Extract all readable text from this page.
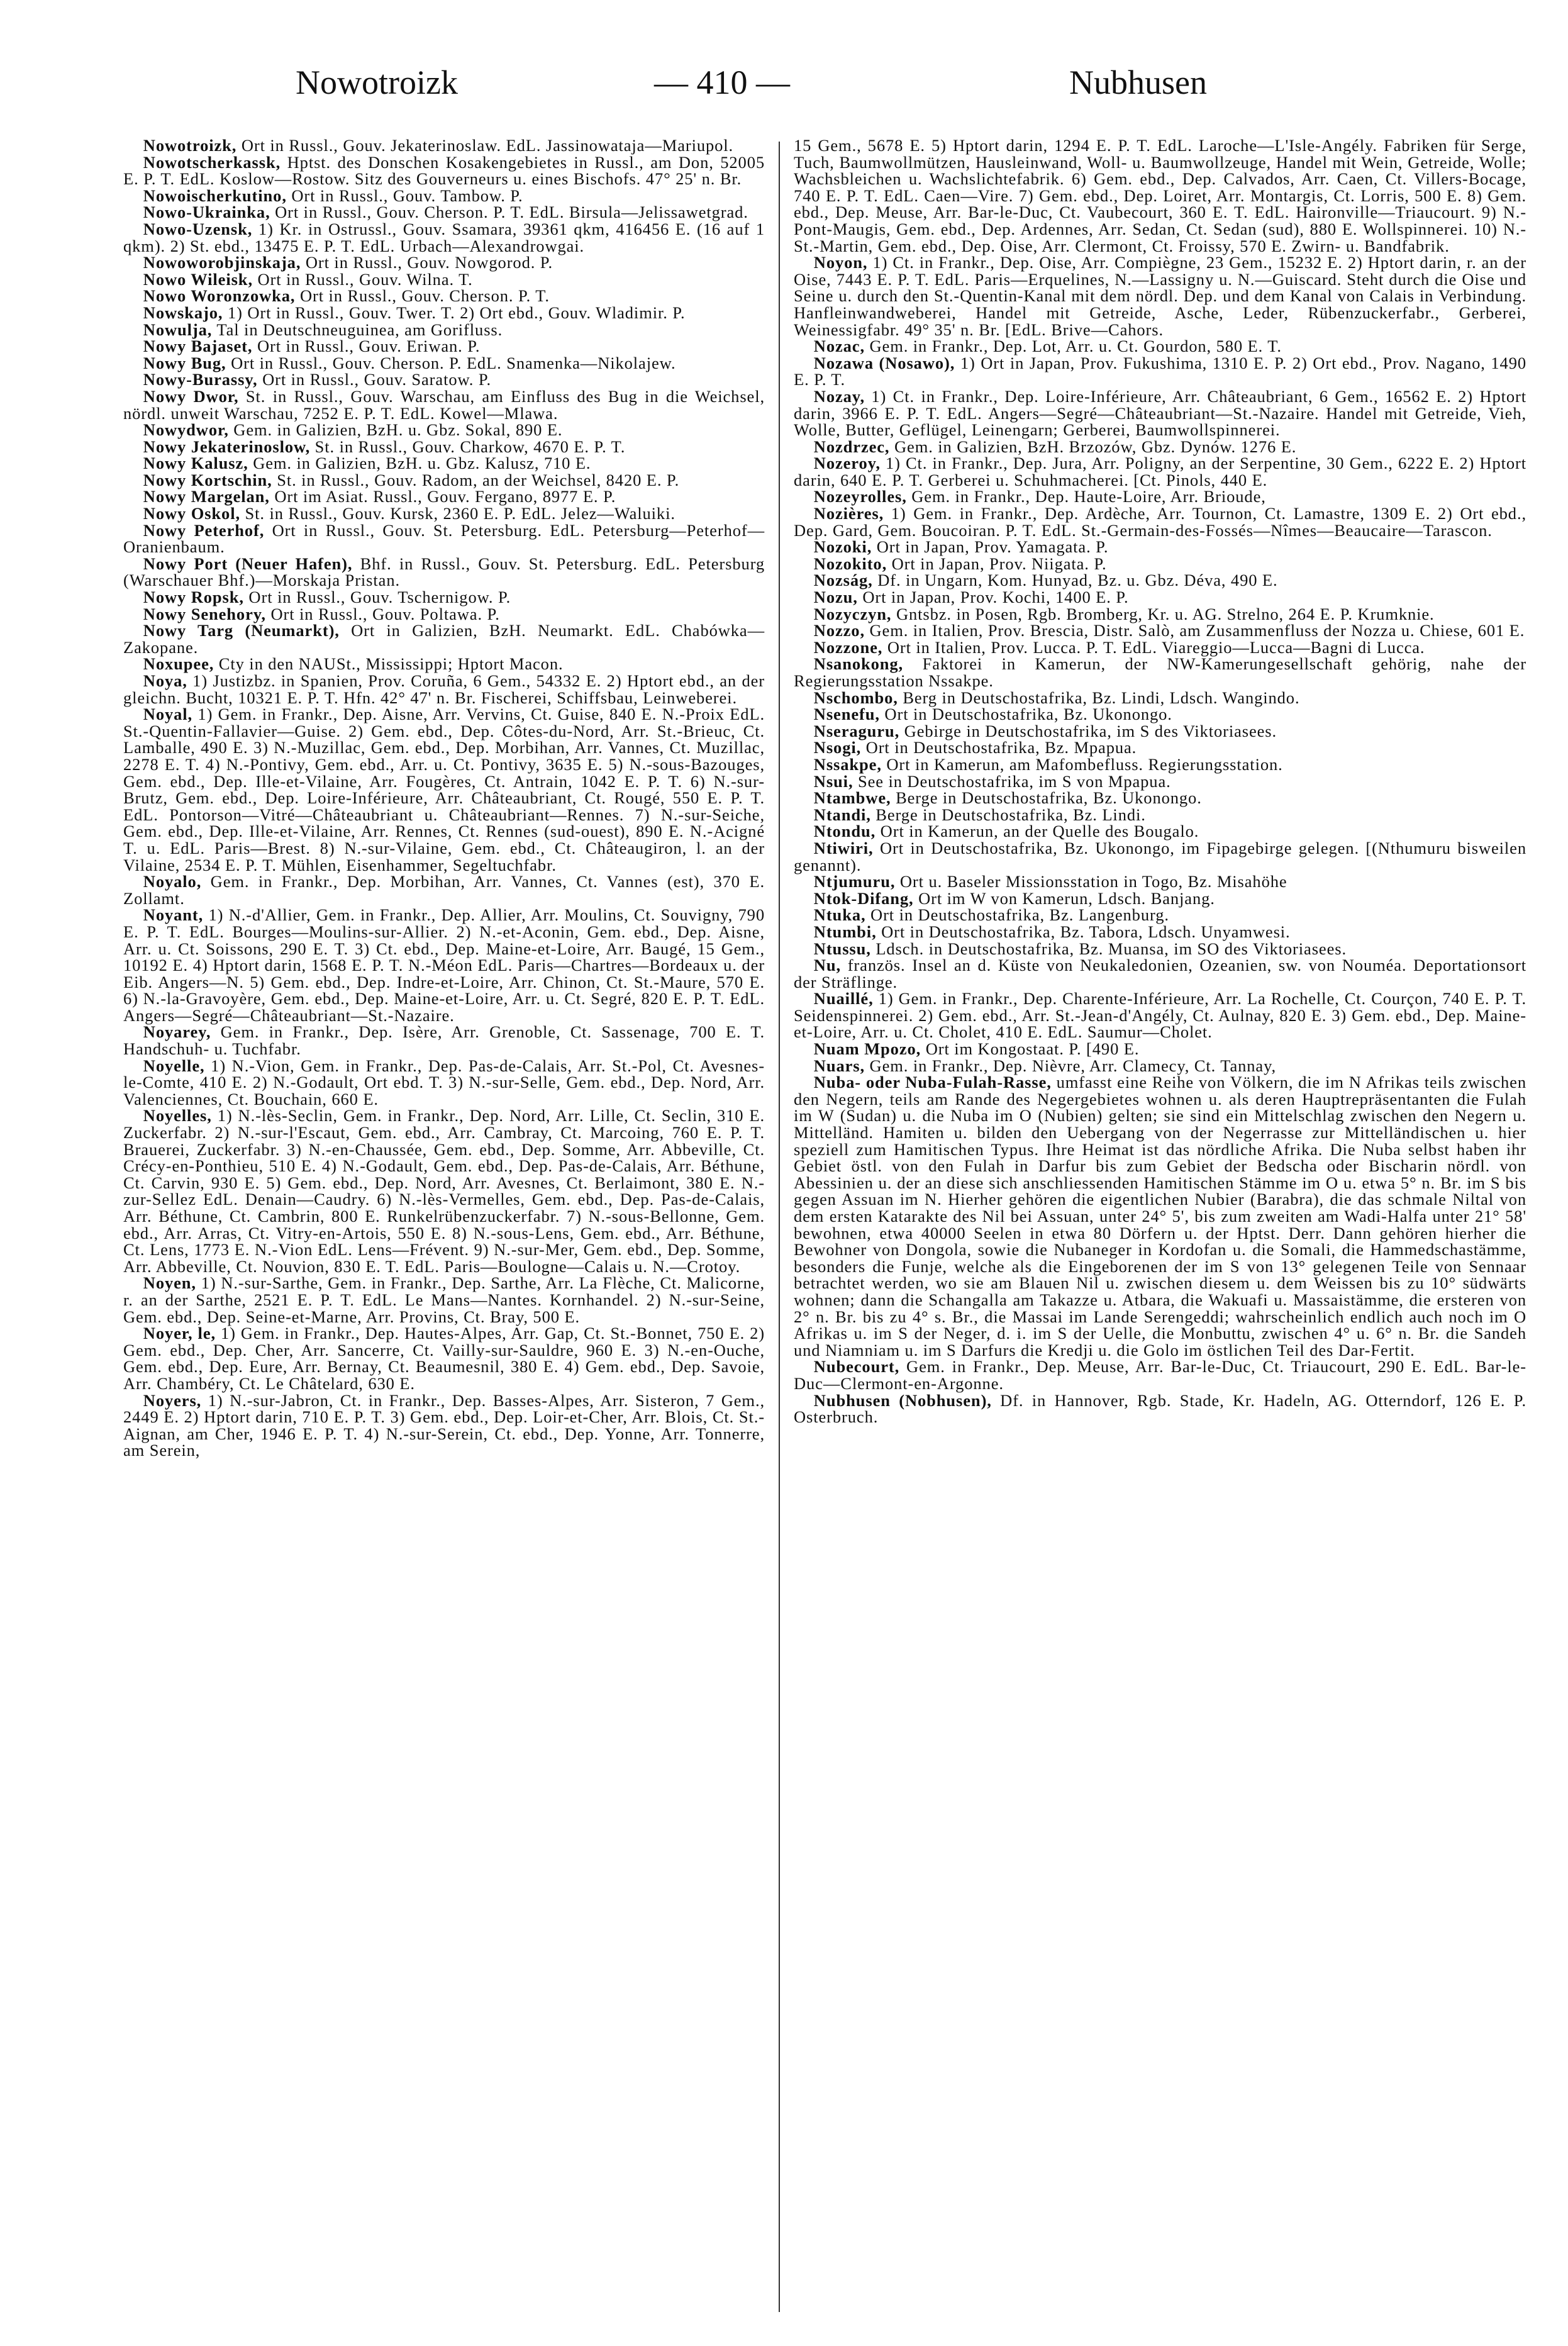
Nowotroizk	— 410 —	Nubhusen

Nowotroizk, Ort in Russl., Gouv. Jekaterinoslaw. EdL. Jassinowataja—Mariupol.

Nowotscherkassk, Hptst. des Donschen Kosakengebietes in Russl., am Don, 52005 E. P. T. EdL. Koslow—Rostow. Sitz des Gouverneurs u. eines Bischofs. 47° 25' n. Br.

Nowoischerkutino, Ort in Russl., Gouv. Tambow. P.

Nowo-Ukrainka, Ort in Russl., Gouv. Cherson. P. T. EdL. Birsula—Jelissawetgrad.

Nowo-Uzensk, 1) Kr. in Ostrussl., Gouv. Ssamara, 39361 qkm, 416456 E. (16 auf 1 qkm). 2) St. ebd., 13475 E. P. T. EdL. Urbach—Alexandrowgai.

Nowoworobjinskaja, Ort in Russl., Gouv. Nowgorod. P.

Nowo Wileisk, Ort in Russl., Gouv. Wilna. T.

Nowo Woronzowka, Ort in Russl., Gouv. Cherson. P. T.

Nowskajo, 1) Ort in Russl., Gouv. Twer. T. 2) Ort ebd., Gouv. Wladimir. P.

Nowulja, Tal in Deutschneuguinea, am Gorifluss.

Nowy Bajaset, Ort in Russl., Gouv. Eriwan. P.

Nowy Bug, Ort in Russl., Gouv. Cherson. P. EdL. Snamenka—Nikolajew.

Nowy-Burassy, Ort in Russl., Gouv. Saratow. P.

Nowy Dwor, St. in Russl., Gouv. Warschau, am Einfluss des Bug in die Weichsel, nördl. unweit Warschau, 7252 E. P. T. EdL. Kowel—Mlawa.

Nowydwor, Gem. in Galizien, BzH. u. Gbz. Sokal, 890 E.

Nowy Jekaterinoslow, St. in Russl., Gouv. Charkow, 4670 E. P. T.

Nowy Kalusz, Gem. in Galizien, BzH. u. Gbz. Kalusz, 710 E.

Nowy Kortschin, St. in Russl., Gouv. Radom, an der Weichsel, 8420 E. P.

Nowy Margelan, Ort im Asiat. Russl., Gouv. Fergano, 8977 E. P.

Nowy Oskol, St. in Russl., Gouv. Kursk, 2360 E. P. EdL. Jelez—Waluiki.

Nowy Peterhof, Ort in Russl., Gouv. St. Petersburg. EdL. Petersburg—Peterhof—Oranienbaum.

Nowy Port (Neuer Hafen), Bhf. in Russl., Gouv. St. Petersburg. EdL. Petersburg (Warschauer Bhf.)—Morskaja Pristan.

Nowy Ropsk, Ort in Russl., Gouv. Tschernigow. P.

Nowy Senehory, Ort in Russl., Gouv. Poltawa. P.

Nowy Targ (Neumarkt), Ort in Galizien, BzH. Neumarkt. EdL. Chabówka—Zakopane.

Noxupee, Cty in den NAUSt., Mississippi; Hptort Macon.

Noya, 1) Justizbz. in Spanien, Prov. Coruña, 6 Gem., 54332 E. 2) Hptort ebd., an der gleichn. Bucht, 10321 E. P. T. Hfn. 42° 47' n. Br. Fischerei, Schiffsbau, Leinweberei.

Noyal, 1) Gem. in Frankr., Dep. Aisne, Arr. Vervins, Ct. Guise, 840 E. N.-Proix EdL. St.-Quentin-Fallavier—Guise. 2) Gem. ebd., Dep. Côtes-du-Nord, Arr. St.-Brieuc, Ct. Lamballe, 490 E. 3) N.-Muzillac, Gem. ebd., Dep. Morbihan, Arr. Vannes, Ct. Muzillac, 2278 E. T. 4) N.-Pontivy, Gem. ebd., Arr. u. Ct. Pontivy, 3635 E. 5) N.-sous-Bazouges, Gem. ebd., Dep. Ille-et-Vilaine, Arr. Fougères, Ct. Antrain, 1042 E. P. T. 6) N.-sur-Brutz, Gem. ebd., Dep. Loire-Inférieure, Arr. Châteaubriant, Ct. Rougé, 550 E. P. T. EdL. Pontorson—Vitré—Châteaubriant u. Châteaubriant—Rennes. 7) N.-sur-Seiche, Gem. ebd., Dep. Ille-et-Vilaine, Arr. Rennes, Ct. Rennes (sud-ouest), 890 E. N.-Acigné T. u. EdL. Paris—Brest. 8) N.-sur-Vilaine, Gem. ebd., Ct. Châteaugiron, l. an der Vilaine, 2534 E. P. T. Mühlen, Eisenhammer, Segeltuchfabr.

Noyalo, Gem. in Frankr., Dep. Morbihan, Arr. Vannes, Ct. Vannes (est), 370 E. Zollamt.

Noyant, 1) N.-d'Allier, Gem. in Frankr., Dep. Allier, Arr. Moulins, Ct. Souvigny, 790 E. P. T. EdL. Bourges—Moulins-sur-Allier. 2) N.-et-Aconin, Gem. ebd., Dep. Aisne, Arr. u. Ct. Soissons, 290 E. T. 3) Ct. ebd., Dep. Maine-et-Loire, Arr. Baugé, 15 Gem., 10192 E. 4) Hptort darin, 1568 E. P. T. N.-Méon EdL. Paris—Chartres—Bordeaux u. der Eib. Angers—N. 5) Gem. ebd., Dep. Indre-et-Loire, Arr. Chinon, Ct. St.-Maure, 570 E. 6) N.-la-Gravoyère, Gem. ebd., Dep. Maine-et-Loire, Arr. u. Ct. Segré, 820 E. P. T. EdL. Angers—Segré—Châteaubriant—St.-Nazaire.

Noyarey, Gem. in Frankr., Dep. Isère, Arr. Grenoble, Ct. Sassenage, 700 E. T. Handschuh- u. Tuchfabr.

Noyelle, 1) N.-Vion, Gem. in Frankr., Dep. Pas-de-Calais, Arr. St.-Pol, Ct. Avesnes-le-Comte, 410 E. 2) N.-Godault, Ort ebd. T. 3) N.-sur-Selle, Gem. ebd., Dep. Nord, Arr. Valenciennes, Ct. Bouchain, 660 E.

Noyelles, 1) N.-lès-Seclin, Gem. in Frankr., Dep. Nord, Arr. Lille, Ct. Seclin, 310 E. Zuckerfabr. 2) N.-sur-l'Escaut, Gem. ebd., Arr. Cambray, Ct. Marcoing, 760 E. P. T. Brauerei, Zuckerfabr. 3) N.-en-Chaussée, Gem. ebd., Dep. Somme, Arr. Abbeville, Ct. Crécy-en-Ponthieu, 510 E. 4) N.-Godault, Gem. ebd., Dep. Pas-de-Calais, Arr. Béthune, Ct. Carvin, 930 E. 5) Gem. ebd., Dep. Nord, Arr. Avesnes, Ct. Berlaimont, 380 E. N.-zur-Sellez EdL. Denain—Caudry. 6) N.-lès-Vermelles, Gem. ebd., Dep. Pas-de-Calais, Arr. Béthune, Ct. Cambrin, 800 E. Runkelrübenzuckerfabr. 7) N.-sous-Bellonne, Gem. ebd., Arr. Arras, Ct. Vitry-en-Artois, 550 E. 8) N.-sous-Lens, Gem. ebd., Arr. Béthune, Ct. Lens, 1773 E. N.-Vion EdL. Lens—Frévent. 9) N.-sur-Mer, Gem. ebd., Dep. Somme, Arr. Abbeville, Ct. Nouvion, 830 E. T. EdL. Paris—Boulogne—Calais u. N.—Crotoy.

Noyen, 1) N.-sur-Sarthe, Gem. in Frankr., Dep. Sarthe, Arr. La Flèche, Ct. Malicorne, r. an der Sarthe, 2521 E. P. T. EdL. Le Mans—Nantes. Kornhandel. 2) N.-sur-Seine, Gem. ebd., Dep. Seine-et-Marne, Arr. Provins, Ct. Bray, 500 E.

Noyer, le, 1) Gem. in Frankr., Dep. Hautes-Alpes, Arr. Gap, Ct. St.-Bonnet, 750 E. 2) Gem. ebd., Dep. Cher, Arr. Sancerre, Ct. Vailly-sur-Sauldre, 960 E. 3) N.-en-Ouche, Gem. ebd., Dep. Eure, Arr. Bernay, Ct. Beaumesnil, 380 E. 4) Gem. ebd., Dep. Savoie, Arr. Chambéry, Ct. Le Châtelard, 630 E.

Noyers, 1) N.-sur-Jabron, Ct. in Frankr., Dep. Basses-Alpes, Arr. Sisteron, 7 Gem., 2449 E. 2) Hptort darin, 710 E. P. T. 3) Gem. ebd., Dep. Loir-et-Cher, Arr. Blois, Ct. St.-Aignan, am Cher, 1946 E. P. T. 4) N.-sur-Serein, Ct. ebd., Dep. Yonne, Arr. Tonnerre, am Serein,

15 Gem., 5678 E. 5) Hptort darin, 1294 E. P. T. EdL. Laroche—L'Isle-Angély. Fabriken für Serge, Tuch, Baumwollmützen, Hausleinwand, Woll- u. Baumwollzeuge, Handel mit Wein, Getreide, Wolle; Wachsbleichen u. Wachslichtefabrik. 6) Gem. ebd., Dep. Calvados, Arr. Caen, Ct. Villers-Bocage, 740 E. P. T. EdL. Caen—Vire. 7) Gem. ebd., Dep. Loiret, Arr. Montargis, Ct. Lorris, 500 E. 8) Gem. ebd., Dep. Meuse, Arr. Bar-le-Duc, Ct. Vaubecourt, 360 E. T. EdL. Haironville—Triaucourt. 9) N.-Pont-Maugis, Gem. ebd., Dep. Ardennes, Arr. Sedan, Ct. Sedan (sud), 880 E. Wollspinnerei. 10) N.-St.-Martin, Gem. ebd., Dep. Oise, Arr. Clermont, Ct. Froissy, 570 E. Zwirn- u. Bandfabrik.

Noyon, 1) Ct. in Frankr., Dep. Oise, Arr. Compiègne, 23 Gem., 15232 E. 2) Hptort darin, r. an der Oise, 7443 E. P. T. EdL. Paris—Erquelines, N.—Lassigny u. N.—Guiscard. Steht durch die Oise und Seine u. durch den St.-Quentin-Kanal mit dem nördl. Dep. und dem Kanal von Calais in Verbindung. Hanfleinwandweberei, Handel mit Getreide, Asche, Leder, Rübenzuckerfabr., Gerberei, Weinessigfabr. 49° 35' n. Br. [EdL. Brive—Cahors.

Nozac, Gem. in Frankr., Dep. Lot, Arr. u. Ct. Gourdon, 580 E. T.

Nozawa (Nosawo), 1) Ort in Japan, Prov. Fukushima, 1310 E. P. 2) Ort ebd., Prov. Nagano, 1490 E. P. T.

Nozay, 1) Ct. in Frankr., Dep. Loire-Inférieure, Arr. Châteaubriant, 6 Gem., 16562 E. 2) Hptort darin, 3966 E. P. T. EdL. Angers—Segré—Châteaubriant—St.-Nazaire. Handel mit Getreide, Vieh, Wolle, Butter, Geflügel, Leinengarn; Gerberei, Baumwollspinnerei.

Nozdrzec, Gem. in Galizien, BzH. Brzozów, Gbz. Dynów. 1276 E.

Nozeroy, 1) Ct. in Frankr., Dep. Jura, Arr. Poligny, an der Serpentine, 30 Gem., 6222 E. 2) Hptort darin, 640 E. P. T. Gerberei u. Schuhmacherei. [Ct. Pinols, 440 E.

Nozeyrolles, Gem. in Frankr., Dep. Haute-Loire, Arr. Brioude,

Nozières, 1) Gem. in Frankr., Dep. Ardèche, Arr. Tournon, Ct. Lamastre, 1309 E. 2) Ort ebd., Dep. Gard, Gem. Boucoiran. P. T. EdL. St.-Germain-des-Fossés—Nîmes—Beaucaire—Tarascon.

Nozoki, Ort in Japan, Prov. Yamagata. P.

Nozokito, Ort in Japan, Prov. Niigata. P.

Nozság, Df. in Ungarn, Kom. Hunyad, Bz. u. Gbz. Déva, 490 E.

Nozu, Ort in Japan, Prov. Kochi, 1400 E. P.

Nozyczyn, Gntsbz. in Posen, Rgb. Bromberg, Kr. u. AG. Strelno, 264 E. P. Krumknie.

Nozzo, Gem. in Italien, Prov. Brescia, Distr. Salò, am Zusammenfluss der Nozza u. Chiese, 601 E.

Nozzone, Ort in Italien, Prov. Lucca. P. T. EdL. Viareggio—Lucca—Bagni di Lucca.

Nsanokong, Faktorei in Kamerun, der NW-Kamerungesellschaft gehörig, nahe der Regierungsstation Nssakpe.

Nschombo, Berg in Deutschostafrika, Bz. Lindi, Ldsch. Wangindo.

Nsenefu, Ort in Deutschostafrika, Bz. Ukonongo.

Nseraguru, Gebirge in Deutschostafrika, im S des Viktoriasees.

Nsogi, Ort in Deutschostafrika, Bz. Mpapua.

Nssakpe, Ort in Kamerun, am Mafombefluss. Regierungsstation.

Nsui, See in Deutschostafrika, im S von Mpapua.

Ntambwe, Berge in Deutschostafrika, Bz. Ukonongo.

Ntandi, Berge in Deutschostafrika, Bz. Lindi.

Ntondu, Ort in Kamerun, an der Quelle des Bougalo.

Ntiwiri, Ort in Deutschostafrika, Bz. Ukonongo, im Fipagebirge gelegen. [(Nthumuru bisweilen genannt).

Ntjumuru, Ort u. Baseler Missionsstation in Togo, Bz. Misahöhe

Ntok-Difang, Ort im W von Kamerun, Ldsch. Banjang.

Ntuka, Ort in Deutschostafrika, Bz. Langenburg.

Ntumbi, Ort in Deutschostafrika, Bz. Tabora, Ldsch. Unyamwesi.

Ntussu, Ldsch. in Deutschostafrika, Bz. Muansa, im SO des Viktoriasees.

Nu, französ. Insel an d. Küste von Neukaledonien, Ozeanien, sw. von Nouméa. Deportationsort der Sträflinge.

Nuaillé, 1) Gem. in Frankr., Dep. Charente-Inférieure, Arr. La Rochelle, Ct. Courçon, 740 E. P. T. Seidenspinnerei. 2) Gem. ebd., Arr. St.-Jean-d'Angély, Ct. Aulnay, 820 E. 3) Gem. ebd., Dep. Maine-et-Loire, Arr. u. Ct. Cholet, 410 E. EdL. Saumur—Cholet.

Nuam Mpozo, Ort im Kongostaat. P. [490 E.

Nuars, Gem. in Frankr., Dep. Nièvre, Arr. Clamecy, Ct. Tannay,

Nuba- oder Nuba-Fulah-Rasse, umfasst eine Reihe von Völkern, die im N Afrikas teils zwischen den Negern, teils am Rande des Negergebietes wohnen u. als deren Hauptrepräsentanten die Fulah im W (Sudan) u. die Nuba im O (Nubien) gelten; sie sind ein Mittelschlag zwischen den Negern u. Mittelländ. Hamiten u. bilden den Uebergang von der Negerrasse zur Mittelländischen u. hier speziell zum Hamitischen Typus. Ihre Heimat ist das nördliche Afrika. Die Nuba selbst haben ihr Gebiet östl. von den Fulah in Darfur bis zum Gebiet der Bedscha oder Bischarin nördl. von Abessinien u. der an diese sich anschliessenden Hamitischen Stämme im O u. etwa 5° n. Br. im S bis gegen Assuan im N. Hierher gehören die eigentlichen Nubier (Barabra), die das schmale Niltal von dem ersten Katarakte des Nil bei Assuan, unter 24° 5', bis zum zweiten am Wadi-Halfa unter 21° 58' bewohnen, etwa 40000 Seelen in etwa 80 Dörfern u. der Hptst. Derr. Dann gehören hierher die Bewohner von Dongola, sowie die Nubaneger in Kordofan u. die Somali, die Hammedschastämme, besonders die Funje, welche als die Eingeborenen der im S von 13° gelegenen Teile von Sennaar betrachtet werden, wo sie am Blauen Nil u. zwischen diesem u. dem Weissen bis zu 10° südwärts wohnen; dann die Schangalla am Takazze u. Atbara, die Wakuafi u. Massaistämme, die ersteren von 2° n. Br. bis zu 4° s. Br., die Massai im Lande Serengeddi; wahrscheinlich endlich auch noch im O Afrikas u. im S der Neger, d. i. im S der Uelle, die Monbuttu, zwischen 4° u. 6° n. Br. die Sandeh und Niamniam u. im S Darfurs die Kredji u. die Golo im östlichen Teil des Dar-Fertit.

Nubecourt, Gem. in Frankr., Dep. Meuse, Arr. Bar-le-Duc, Ct. Triaucourt, 290 E. EdL. Bar-le-Duc—Clermont-en-Argonne.

Nubhusen (Nobhusen), Df. in Hannover, Rgb. Stade, Kr. Hadeln, AG. Otterndorf, 126 E. P. Osterbruch.
